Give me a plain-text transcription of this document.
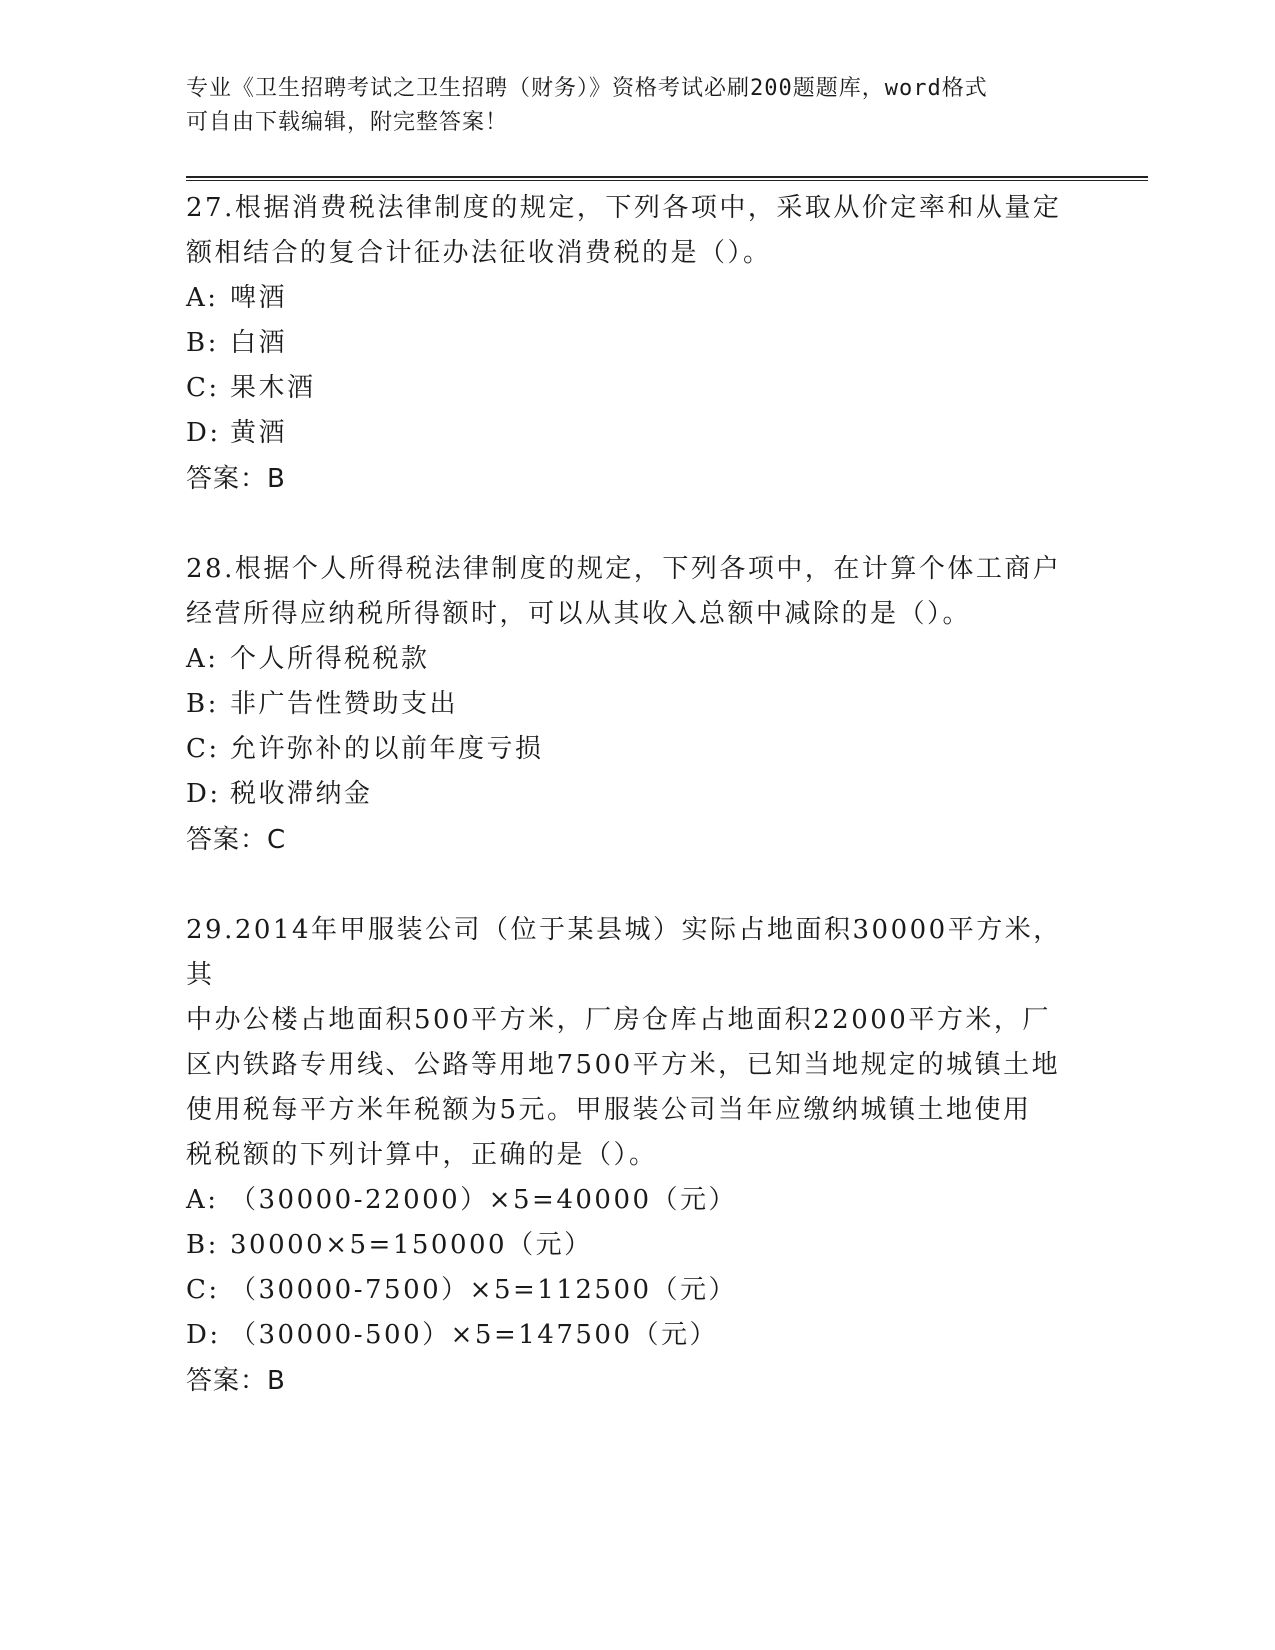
专业《卫生招聘考试之卫生招聘（财务）》资格考试必刷200题题库，word格式
可自由下载编辑，附完整答案！

27.根据消费税法律制度的规定，下列各项中，采取从价定率和从量定

额相结合的复合计征办法征收消费税的是（）。

A: 啤酒

B: 白酒

C: 果木酒

D: 黄酒

答案：B

28.根据个人所得税法律制度的规定，下列各项中，在计算个体工商户

经营所得应纳税所得额时，可以从其收入总额中减除的是（）。

A: 个人所得税税款

B: 非广告性赞助支出

C: 允许弥补的以前年度亏损

D: 税收滞纳金

答案：C

29.2014年甲服装公司（位于某县城）实际占地面积30000平方米，其

中办公楼占地面积500平方米，厂房仓库占地面积22000平方米，厂

区内铁路专用线、公路等用地7500平方米，已知当地规定的城镇土地

使用税每平方米年税额为5元。甲服装公司当年应缴纳城镇土地使用

税税额的下列计算中，正确的是（）。

A: （30000-22000）×5=40000（元）

B: 30000×5=150000（元）

C: （30000-7500）×5=112500（元）

D: （30000-500）×5=147500（元）

答案：B
